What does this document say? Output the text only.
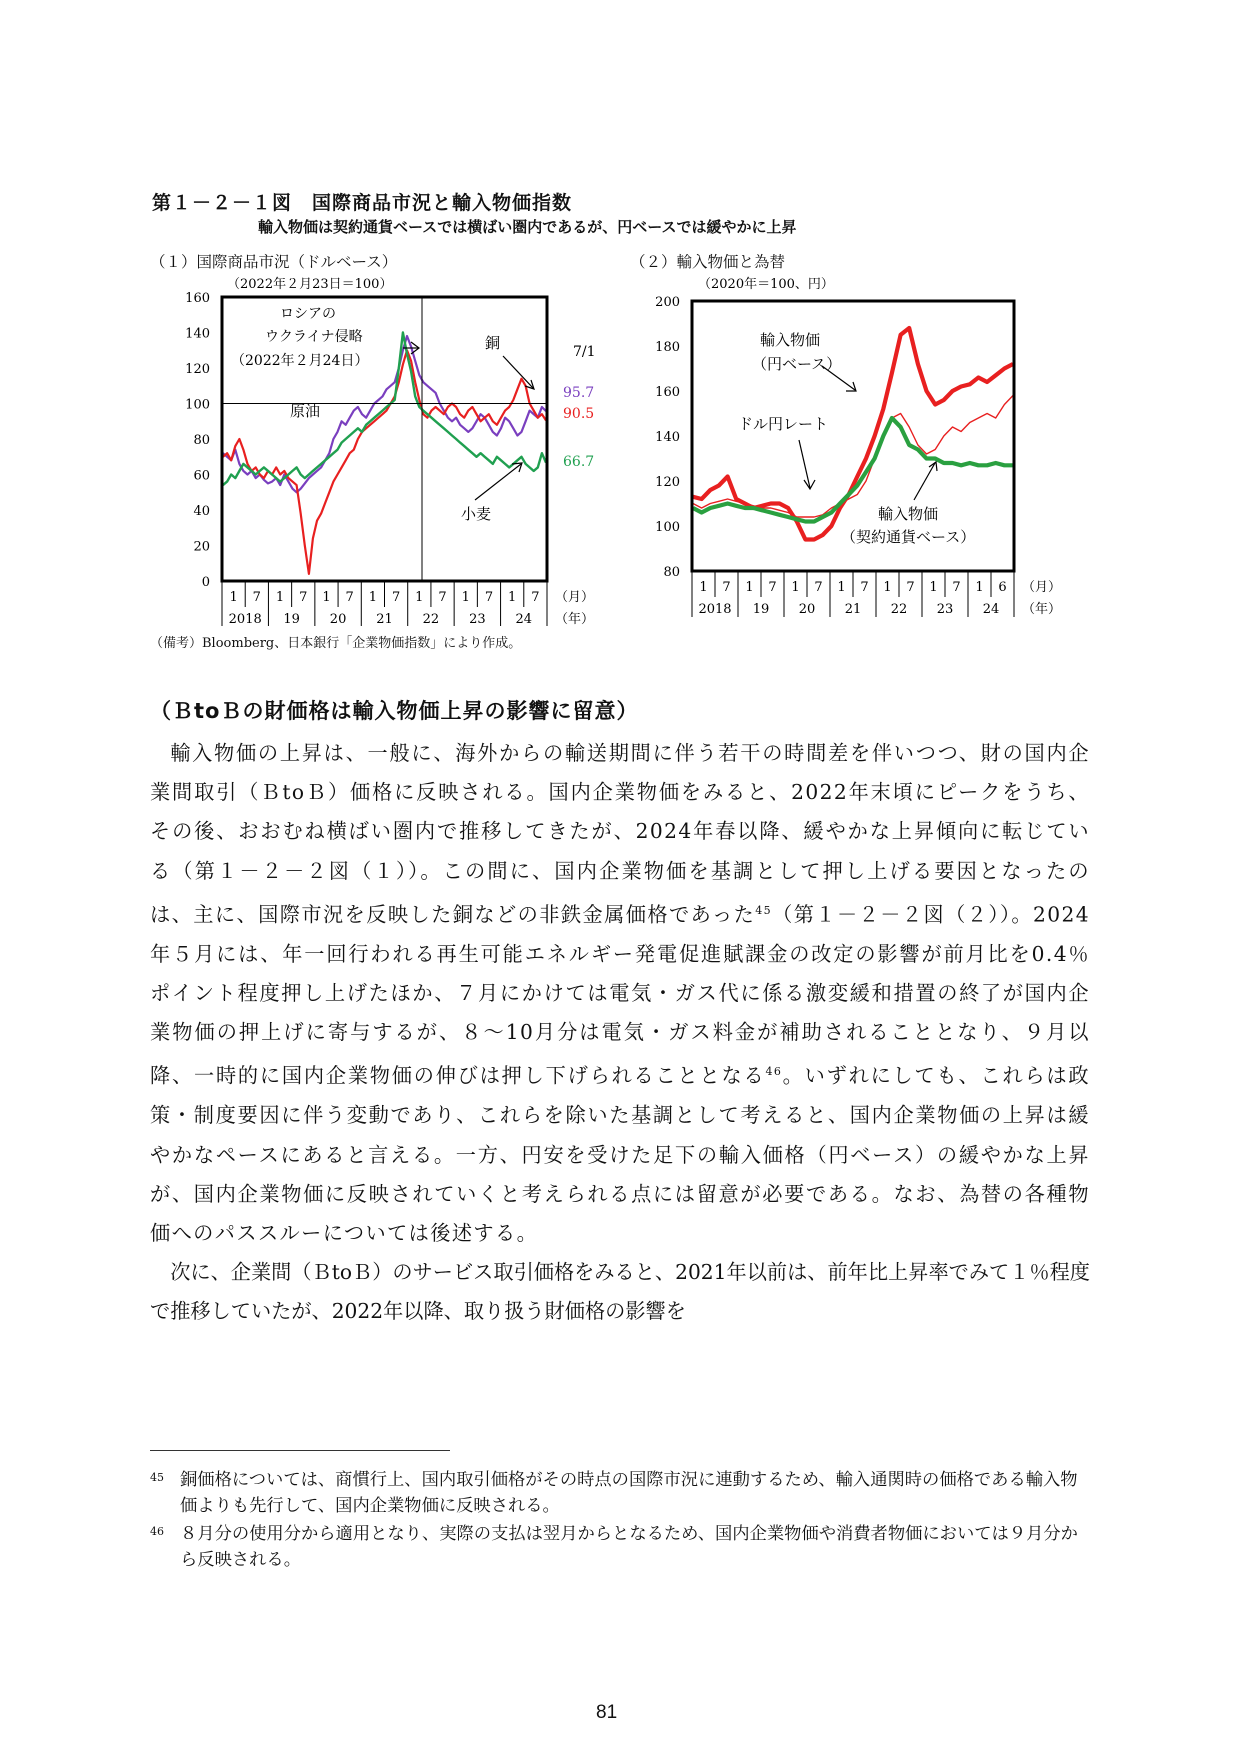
第１－２－１図　国際商品市況と輸入物価指数
輸入物価は契約通貨ベースでは横ばい圏内であるが、円ベースでは緩やかに上昇
（１）国際商品市況（ドルベース）	（２）輸入物価と為替
（2022年２月23日＝100）
0
20
40
60
80
100
120
140
160
1 7 1 7 1 7 1 7 1 7 1 7 1 7
2018 19 20 21 22 23 24
（月）
（年）
ロシアの
ウクライナ侵略
（2022年２月24日）
原油
銅
小麦
7/1
95.7
90.5
66.7
（2020年＝100、円）
80
100
120
140
160
180
200
1 7 1 7 1 7 1 7 1 7 1 7 1 6
2018 19 20 21 22 23 24
（月）
（年）
輸入物価
（円ベース）
ドル円レート
輸入物価
（契約通貨ベース）
（備考）Bloomberg、日本銀行「企業物価指数」により作成。
（ＢtoＢの財価格は輸入物価上昇の影響に留意）

輸入物価の上昇は、一般に、海外からの輸送期間に伴う若干の時間差を伴いつつ、財の国内企業間取引（ＢtoＢ）価格に反映される。国内企業物価をみると、2022年末頃にピークをうち、その後、おおむね横ばい圏内で推移してきたが、2024年春以降、緩やかな上昇傾向に転じている（第１－２－２図（１））。この間に、国内企業物価を基調として押し上げる要因となったのは、主に、国際市況を反映した銅などの非鉄金属価格であった$^{45}$（第１－２－２図（２））。2024年５月には、年一回行われる再生可能エネルギー発電促進賦課金の改定の影響が前月比を0.4％ポイント程度押し上げたほか、７月にかけては電気・ガス代に係る激変緩和措置の終了が国内企業物価の押上げに寄与するが、８～10月分は電気・ガス料金が補助されることとなり、９月以降、一時的に国内企業物価の伸びは押し下げられることとなる$^{46}$。いずれにしても、これらは政策・制度要因に伴う変動であり、これらを除いた基調として考えると、国内企業物価の上昇は緩やかなペースにあると言える。一方、円安を受けた足下の輸入価格（円ベース）の緩やかな上昇が、国内企業物価に反映されていくと考えられる点には留意が必要である。なお、為替の各種物価へのパススルーについては後述する。

次に、企業間（ＢtoＢ）のサービス取引価格をみると、2021年以前は、前年比上昇率でみて１％程度で推移していたが、2022年以降、取り扱う財価格の影響を

45 銅価格については、商慣行上、国内取引価格がその時点の国際市況に連動するため、輸入通関時の価格である輸入物価よりも先行して、国内企業物価に反映される。
46 ８月分の使用分から適用となり、実際の支払は翌月からとなるため、国内企業物価や消費者物価においては９月分から反映される。
81
